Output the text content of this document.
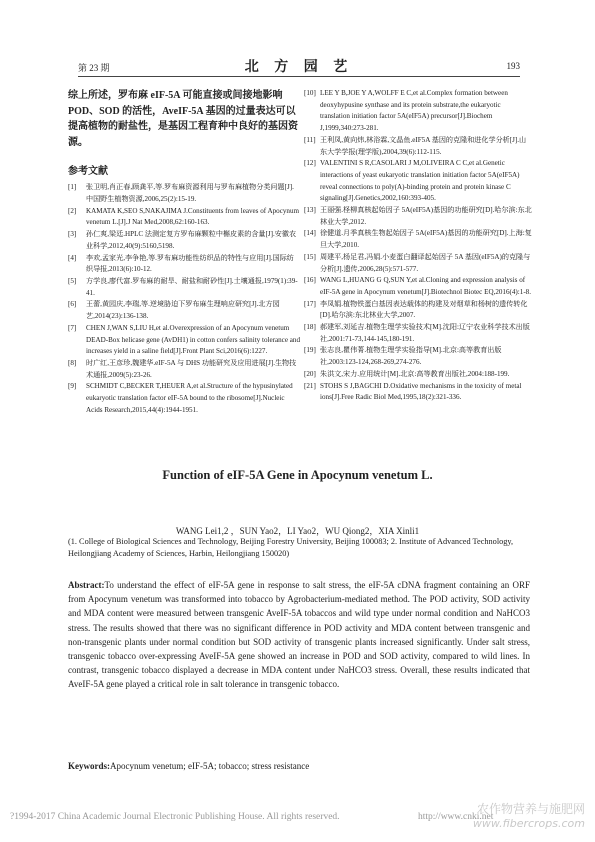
第 23 期	北 方 园 艺	193

综上所述，罗布麻 eIF-5A 可能直接或间接地影响 POD、SOD 的活性，AveIF-5A 基因的过量表达可以提高植物的耐盐性，是基因工程育种中良好的基因资源。

参考文献
[1]	张卫明,肖正春,顾龚平,等.罗布麻资源利用与罗布麻植物分类问题[J].中国野生植物资源,2006,25(2):15-19.
[2]	KAMATA K,SEO S,NAKAJIMA J.Constituents from leaves of Apocynum venetum L.[J].J Nat Med,2008,62:160-163.
[3]	孙仁爽,梁廷.HPLC 法测定复方罗布麻颗粒中槲皮素的含量[J].安徽农业科学,2012,40(9):5160,5198.
[4]	李欢,孟家光,李争艳,等.罗布麻功能性纺织品的特性与应用[J].国际纺织导报,2013(6):10-12.
[5]	方学良,廖代富.罗布麻的耐旱、耐盐和耐砂性[J].土壤通报,1979(1):39-41.
[6]	王蕾,黄园庆,李瑞,等.逆境胁迫下罗布麻生理响应研究[J].北方园艺,2014(23):136-138.
[7]	CHEN J,WAN S,LIU H,et al.Overexpression of an Apocynum venetum DEAD-Box helicase gene (AvDH1) in cotton confers salinity tolerance and increases yield in a saline field[J].Front Plant Sci,2016(6):1227.
[8]	时广红,王彦珍,魏建华.eIF-5A 与 DHS 功能研究及应用进展[J].生物技术通报,2009(5):23-26.
[9]	SCHMIDT C,BECKER T,HEUER A,et al.Structure of the hypusinylated eukaryotic translation factor eIF-5A bound to the ribosome[J].Nucleic Acids Research,2015,44(4):1944-1951.
[10] LEE Y B,JOE Y A,WOLFF E C,et al.Complex formation between deoxyhypusine synthase and its protein substrate,the eukaryotic translation initiation factor 5A(eIF5A) precursor[J].Biochem J,1999,340:273-281.
[11] 王利凤,黄向炜,林浴霖,文晶鱼.eIF5A 基因的克隆和进化学分析[J].山东大学学报(理学版),2004,39(6):112-115.
[12] VALENTINI S R,CASOLARI J M,OLIVEIRA C C,et al.Genetic interactions of yeast eukaryotic translation initiation factor 5A(eIF5A) reveal connections to poly(A)-binding protein and protein kinase C signaling[J].Genetics,2002,160:393-405.
[13] 王丽强.柽柳真核起始因子 5A(eIF5A)基因的功能研究[D].哈尔滨:东北林业大学,2012.
[14] 徐健道.月季真核生物起始因子 5A(eIF5A)基因的功能研究[D].上海:复旦大学,2010.
[15] 周建平,杨足君,冯娟.小麦蛋白翻译起始因子 5A 基因(eIF5A)的克隆与分析[J].遗传,2006,28(5):571-577.
[16] WANG L,HUANG G Q,SUN Y,et al.Cloning and expression analysis of eIF-5A gene in Apocynum venetum[J].Biotechnol Biotec EQ,2016(4):1-8.
[17] 李凤娟.植物铁蛋白基因表达载体的构建及对烟草和杨树的遗传转化[D].哈尔滨:东北林业大学,2007.
[18] 郝建军,刘延吉.植物生理学实验技术[M].沈阳:辽宁农业科学技术出版社,2001:71-73,144-145,180-191.
[19] 张志良,瞿伟菁.植物生理学实验指导[M].北京:高等教育出版社,2003:123-124,268-269,274-276.
[20] 朱洪文,宋力.应用统计[M].北京:高等教育出版社,2004:188-199.
[21] STOHS S J,BAGCHI D.Oxidative mechanisms in the toxicity of metal ions[J].Free Radic Biol Med,1995,18(2):321-336.
Function of eIF-5A Gene in Apocynum venetum L.
WANG Lei1,2 ，SUN Yao2，LI Yao2，WU Qiong2，XIA Xinli1
(1. College of Biological Sciences and Technology, Beijing Forestry University, Beijing 100083; 2. Institute of Advanced Technology, Heilongjiang Academy of Sciences, Harbin, Heilongjiang 150020)

Abstract:To understand the effect of eIF-5A gene in response to salt stress, the eIF-5A cDNA fragment containing an ORF from Apocynum venetum was transformed into tobacco by Agrobacterium-mediated method. The POD activity, SOD activity and MDA content were measured between transgenic AveIF-5A tobaccos and wild type under normal condition and NaHCO3 stress. The results showed that there was no significant difference in POD activity and MDA content between transgenic and non-transgenic plants under normal condition but SOD activity of transgenic plants increased significantly. Under salt stress, transgenic tobacco over-expressing AveIF-5A gene showed an increase in POD and SOD activity, compared to wild lines. In contrast, transgenic tobacco displayed a decrease in MDA content under NaHCO3 stress. Overall, these results indicated that AveIF-5A gene played a critical role in salt tolerance in transgenic tobacco.

Keywords:Apocynum venetum; eIF-5A; tobacco; stress resistance
?1994-2017 China Academic Journal Electronic Publishing House. All rights reserved.	http://www.cnki.net
农作物营养与施肥网
www.fibercrops.com
